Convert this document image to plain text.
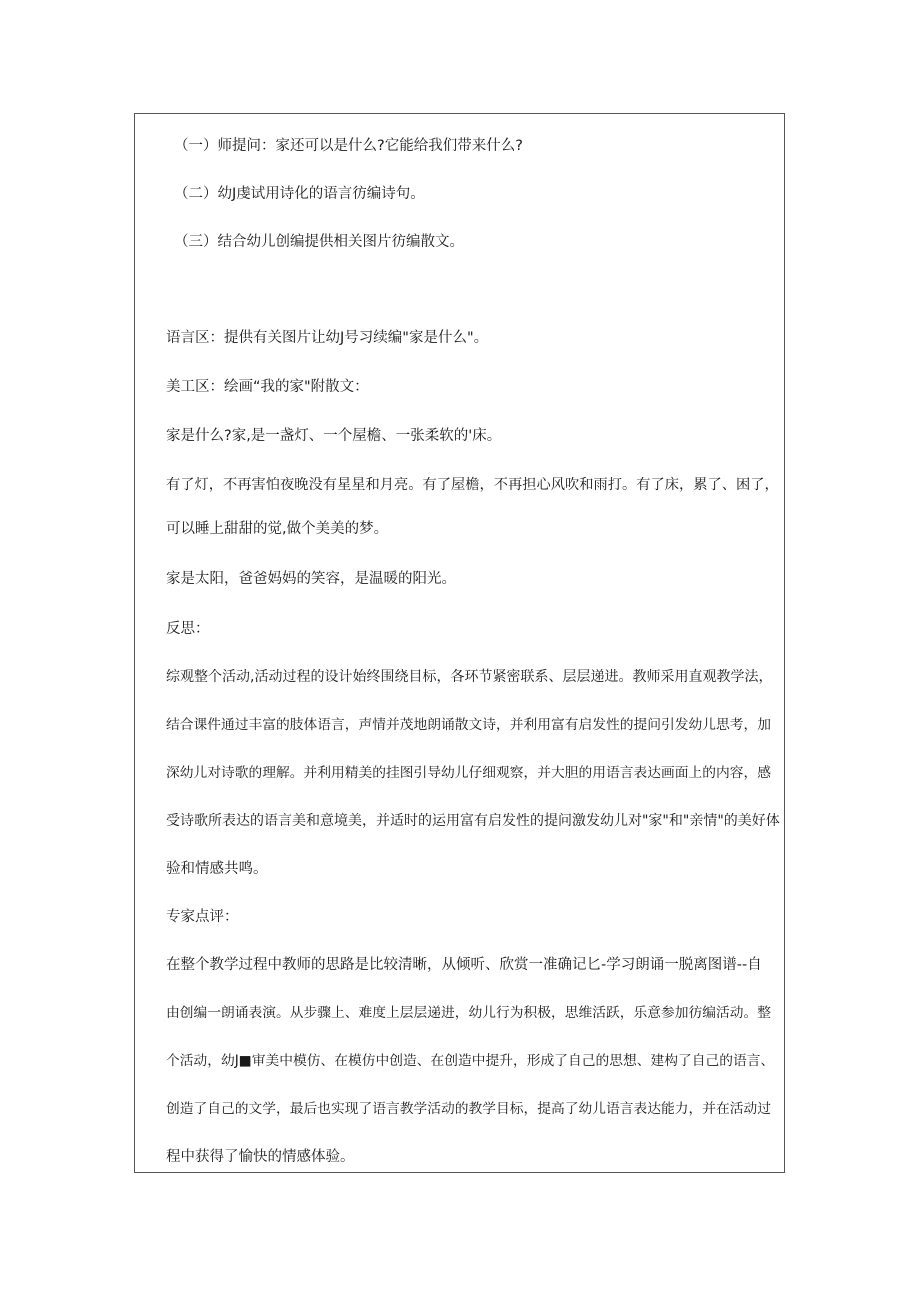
（一）师提问：家还可以是什么?它能给我们带来什么?
（二）幼J虔试用诗化的语言彷编诗句。
（三）结合幼儿创编提供相关图片彷编散文。
语言区：提供有关图片让幼J号习续编"家是什么"。
美工区：绘画“我的家"附散文：
家是什么?家,是一盏灯、一个屋檐、一张柔软的'床。
有了灯，不再害怕夜晚没有星星和月亮。有了屋檐，不再担心风吹和雨打。有了床，累了、困了，
可以睡上甜甜的觉,做个美美的梦。
家是太阳，爸爸妈妈的笑容，是温暖的阳光。
反思：
综观整个活动,活动过程的设计始终围绕目标，各环节紧密联系、层层递进。教师采用直观教学法，
结合课件通过丰富的肢体语言，声情并茂地朗诵散文诗，并利用富有启发性的提问引发幼儿思考，加
深幼儿对诗歌的理解。并利用精美的挂图引导幼儿仔细观察，并大胆的用语言表达画面上的内容，感
受诗歌所表达的语言美和意境美，并适时的运用富有启发性的提问激发幼儿对"家"和"亲情"的美好体
验和情感共鸣。
专家点评：
在整个教学过程中教师的思路是比较清晰，从倾听、欣赏一准确记匕-学习朗诵一脱离图谱--自
由创编一朗诵表演。从步骤上、难度上层层递进，幼儿行为积极，思维活跃，乐意参加彷编活动。整
个活动，幼J■审美中模仿、在模仿中创造、在创造中提升，形成了自己的思想、建构了自己的语言、
创造了自己的文学，最后也实现了语言教学活动的教学目标，提高了幼儿语言表达能力，并在活动过
程中获得了愉快的情感体验。
